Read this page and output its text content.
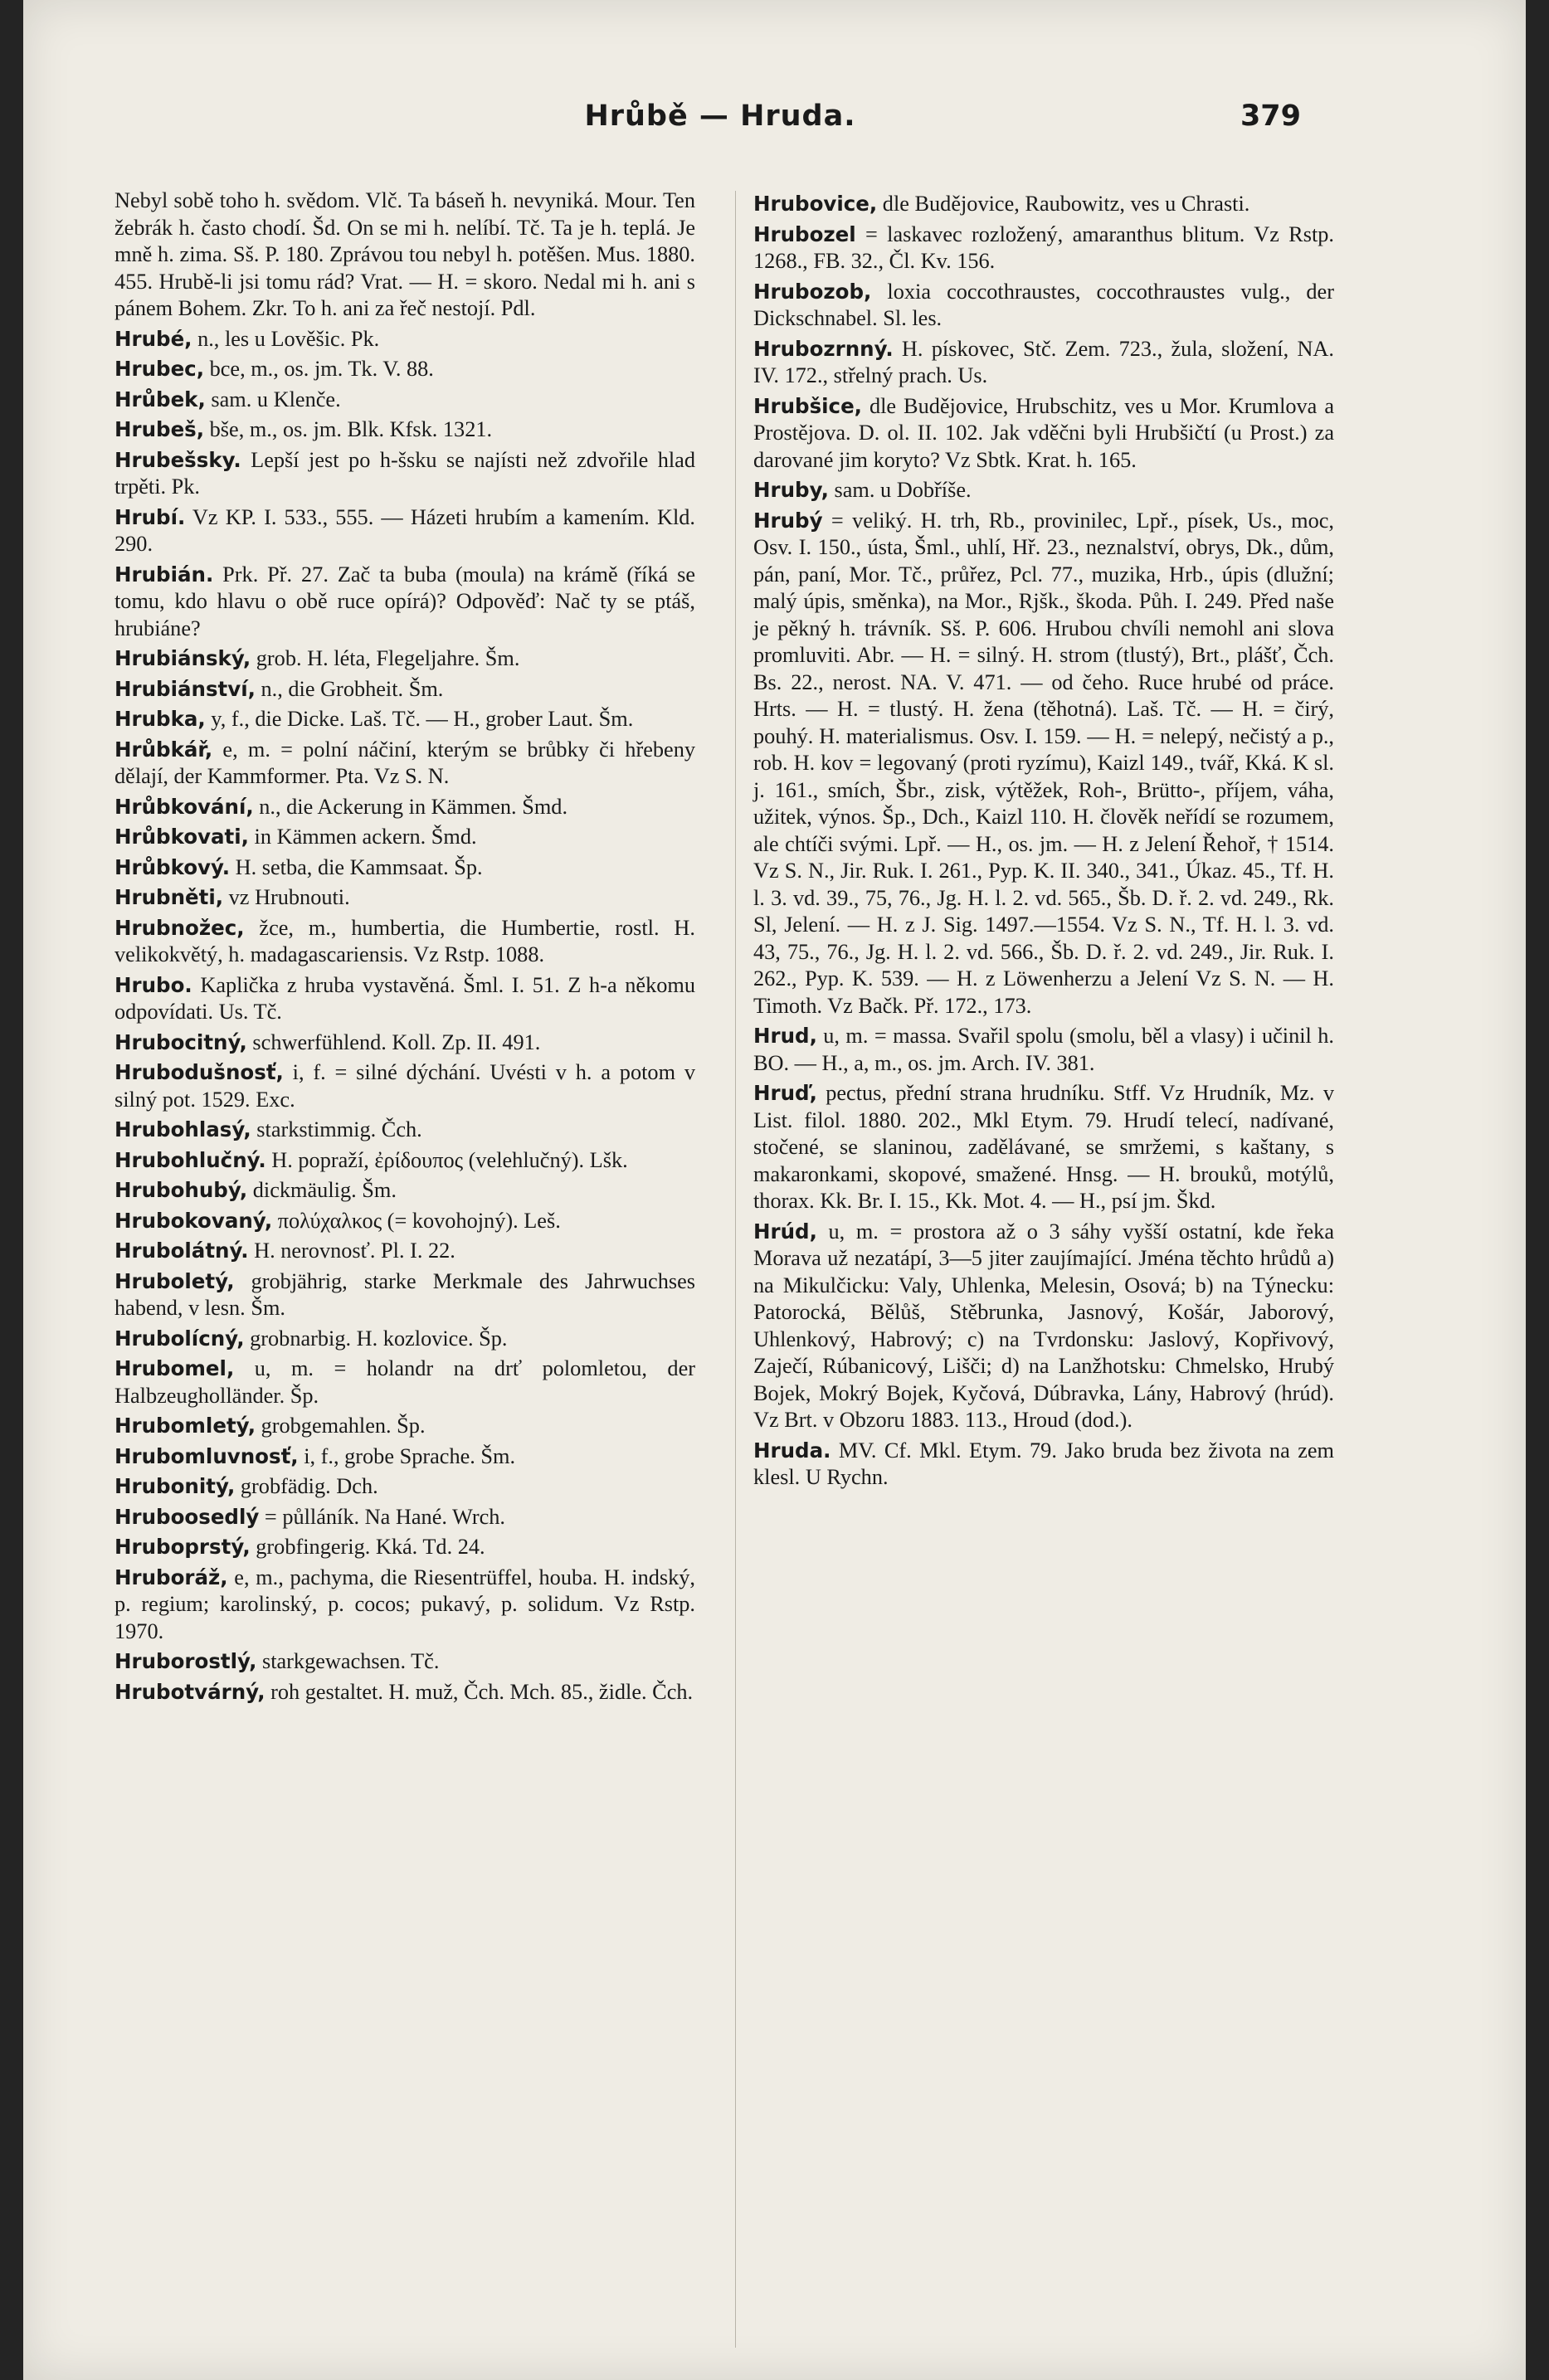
Hrůbě — Hruda.	379

Nebyl sobě toho h. svědom. Vlč. Ta báseň h. nevyniká. Mour. Ten žebrák h. často chodí. Šd. On se mi h. nelíbí. Tč. Ta je h. teplá. Je mně h. zima. Sš. P. 180. Zprávou tou nebyl h. potěšen. Mus. 1880. 455. Hrubě-li jsi tomu rád? Vrat. — H. = skoro. Nedal mi h. ani s pánem Bohem. Zkr. To h. ani za řeč nestojí. Pdl.

Hrubé, n., les u Lověšic. Pk.

Hrubec, bce, m., os. jm. Tk. V. 88.

Hrůbek, sam. u Klenče.

Hrubeš, bše, m., os. jm. Blk. Kfsk. 1321.

Hrubešsky. Lepší jest po h-šsku se najísti než zdvořile hlad trpěti. Pk.

Hrubí. Vz KP. I. 533., 555. — Házeti hrubím a kamením. Kld. 290.

Hrubián. Prk. Př. 27. Zač ta buba (moula) na krámě (říká se tomu, kdo hlavu o obě ruce opírá)? Odpověď: Nač ty se ptáš, hrubiáne?

Hrubiánský, grob. H. léta, Flegeljahre. Šm.

Hrubiánství, n., die Grobheit. Šm.

Hrubka, y, f., die Dicke. Laš. Tč. — H., grober Laut. Šm.

Hrůbkář, e, m. = polní náčiní, kterým se brůbky či hřebeny dělají, der Kammformer. Pta. Vz S. N.

Hrůbkování, n., die Ackerung in Kämmen. Šmd.

Hrůbkovati, in Kämmen ackern. Šmd.

Hrůbkový. H. setba, die Kammsaat. Šp.

Hrubněti, vz Hrubnouti.

Hrubnožec, žce, m., humbertia, die Humbertie, rostl. H. velikokvětý, h. madagascariensis. Vz Rstp. 1088.

Hrubo. Kaplička z hruba vystavěná. Šml. I. 51. Z h-a někomu odpovídati. Us. Tč.

Hrubocitný, schwerfühlend. Koll. Zp. II. 491.

Hrubodušnosť, i, f. = silné dýchání. Uvésti v h. a potom v silný pot. 1529. Exc.

Hrubohlasý, starkstimmig. Čch.

Hrubohlučný. H. popraží, ἐρίδουπος (velehlučný). Lšk.

Hrubohubý, dickmäulig. Šm.

Hrubokovaný, πολύχαλκος (= kovohojný). Leš.

Hrubolátný. H. nerovnosť. Pl. I. 22.

Hruboletý, grobjährig, starke Merkmale des Jahrwuchses habend, v lesn. Šm.

Hrubolícný, grobnarbig. H. kozlovice. Šp.

Hrubomel, u, m. = holandr na drť polomletou, der Halbzeugholländer. Šp.

Hrubomletý, grobgemahlen. Šp.

Hrubomluvnosť, i, f., grobe Sprache. Šm.

Hrubonitý, grobfädig. Dch.

Hruboosedlý = půlláník. Na Hané. Wrch.

Hruboprstý, grobfingerig. Kká. Td. 24.

Hruboráž, e, m., pachyma, die Riesentrüffel, houba. H. indský, p. regium; karolinský, p. cocos; pukavý, p. solidum. Vz Rstp. 1970.

Hruborostlý, starkgewachsen. Tč.

Hrubotvárný, roh gestaltet. H. muž, Čch. Mch. 85., židle. Čch.

Hrubovice, dle Budějovice, Raubowitz, ves u Chrasti.

Hrubozel = laskavec rozložený, amaranthus blitum. Vz Rstp. 1268., FB. 32., Čl. Kv. 156.

Hrubozob, loxia coccothraustes, coccothraustes vulg., der Dickschnabel. Sl. les.

Hrubozrnný. H. pískovec, Stč. Zem. 723., žula, složení, NA. IV. 172., střelný prach. Us.

Hrubšice, dle Budějovice, Hrubschitz, ves u Mor. Krumlova a Prostějova. D. ol. II. 102. Jak vděčni byli Hrubšičtí (u Prost.) za darované jim koryto? Vz Sbtk. Krat. h. 165.

Hruby, sam. u Dobříše.

Hrubý = veliký. H. trh, Rb., provinilec, Lpř., písek, Us., moc, Osv. I. 150., ústa, Šml., uhlí, Hř. 23., neznalství, obrys, Dk., dům, pán, paní, Mor. Tč., průřez, Pcl. 77., muzika, Hrb., úpis (dlužní; malý úpis, směnka), na Mor., Rjšk., škoda. Půh. I. 249. Před naše je pěkný h. trávník. Sš. P. 606. Hrubou chvíli nemohl ani slova promluviti. Abr. — H. = silný. H. strom (tlustý), Brt., plášť, Čch. Bs. 22., nerost. NA. V. 471. — od čeho. Ruce hrubé od práce. Hrts. — H. = tlustý. H. žena (těhotná). Laš. Tč. — H. = čirý, pouhý. H. materialismus. Osv. I. 159. — H. = nelepý, nečistý a p., rob. H. kov = legovaný (proti ryzímu), Kaizl 149., tvář, Kká. K sl. j. 161., smích, Šbr., zisk, výtěžek, Roh-, Brütto-, příjem, váha, užitek, výnos. Šp., Dch., Kaizl 110. H. člověk neřídí se rozumem, ale chtíči svými. Lpř. — H., os. jm. — H. z Jelení Řehoř, † 1514. Vz S. N., Jir. Ruk. I. 261., Pyp. K. II. 340., 341., Úkaz. 45., Tf. H. l. 3. vd. 39., 75, 76., Jg. H. l. 2. vd. 565., Šb. D. ř. 2. vd. 249., Rk. Sl, Jelení. — H. z J. Sig. 1497.—1554. Vz S. N., Tf. H. l. 3. vd. 43, 75., 76., Jg. H. l. 2. vd. 566., Šb. D. ř. 2. vd. 249., Jir. Ruk. I. 262., Pyp. K. 539. — H. z Löwenherzu a Jelení Vz S. N. — H. Timoth. Vz Bačk. Př. 172., 173.

Hrud, u, m. = massa. Svařil spolu (smolu, běl a vlasy) i učinil h. BO. — H., a, m., os. jm. Arch. IV. 381.

Hruď, pectus, přední strana hrudníku. Stff. Vz Hrudník, Mz. v List. filol. 1880. 202., Mkl Etym. 79. Hrudí telecí, nadívané, stočené, se slaninou, zadělávané, se smržemi, s kaštany, s makaronkami, skopové, smažené. Hnsg. — H. brouků, motýlů, thorax. Kk. Br. I. 15., Kk. Mot. 4. — H., psí jm. Škd.

Hrúd, u, m. = prostora až o 3 sáhy vyšší ostatní, kde řeka Morava už nezatápí, 3—5 jiter zaujímající. Jména těchto hrůdů a) na Mikulčicku: Valy, Uhlenka, Melesin, Osová; b) na Týnecku: Patorocká, Bělůš, Stěbrunka, Jasnový, Košár, Jaborový, Uhlenkový, Habrový; c) na Tvrdonsku: Jaslový, Kopřivový, Zaječí, Rúbanicový, Lišči; d) na Lanžhotsku: Chmelsko, Hrubý Bojek, Mokrý Bojek, Kyčová, Dúbravka, Lány, Habrový (hrúd). Vz Brt. v Obzoru 1883. 113., Hroud (dod.).

Hruda. MV. Cf. Mkl. Etym. 79. Jako bruda bez života na zem klesl. U Rychn.
